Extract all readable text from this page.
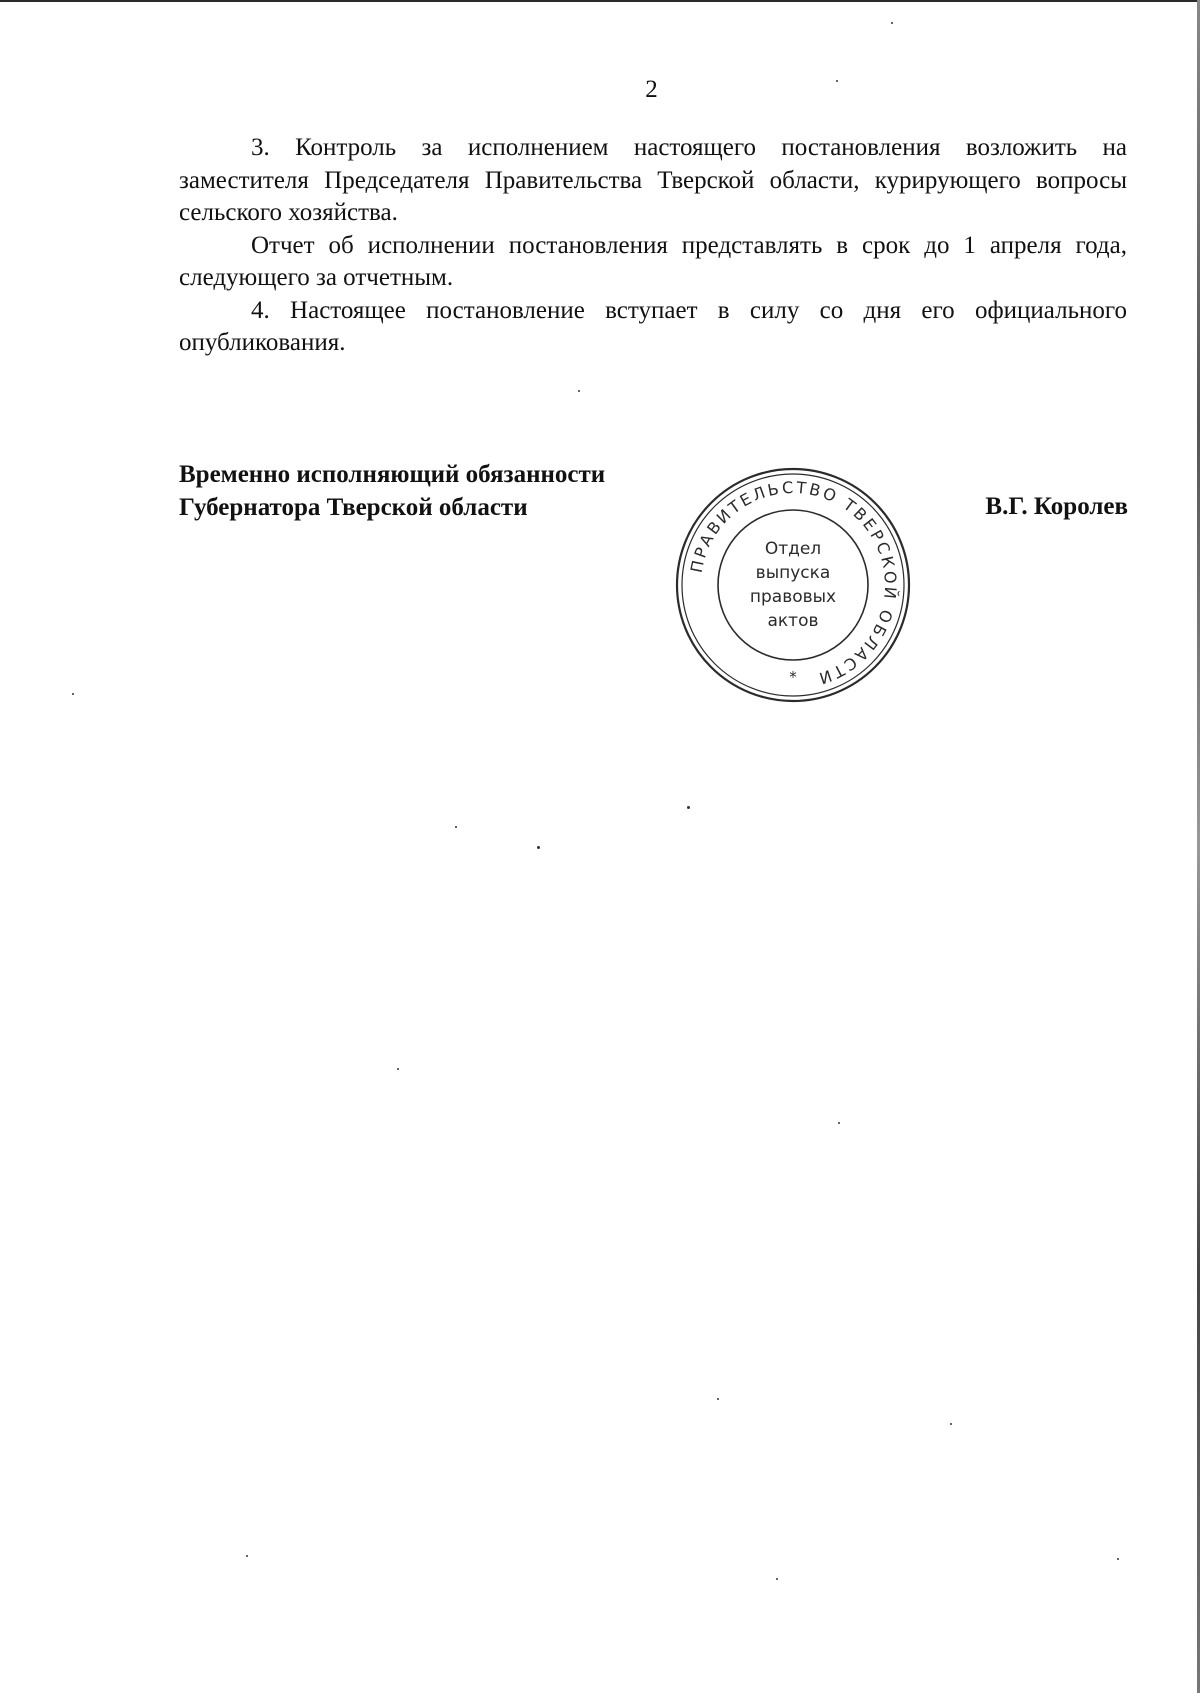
2

3. Контроль за исполнением настоящего постановления возложить на заместителя Председателя Правительства Тверской области, курирующего вопросы сельского хозяйства.

Отчет об исполнении постановления представлять в срок до 1 апреля года, следующего за отчетным.

4. Настоящее постановление вступает в силу со дня его официального опубликования.

Временно исполняющий обязанности
Губернатора Тверской области	В.Г. Королев
ПРАВИТЕЛЬСТВО ТВЕРСКОЙ ОБЛАСТИ
Отдел
выпуска
правовых
актов
*
